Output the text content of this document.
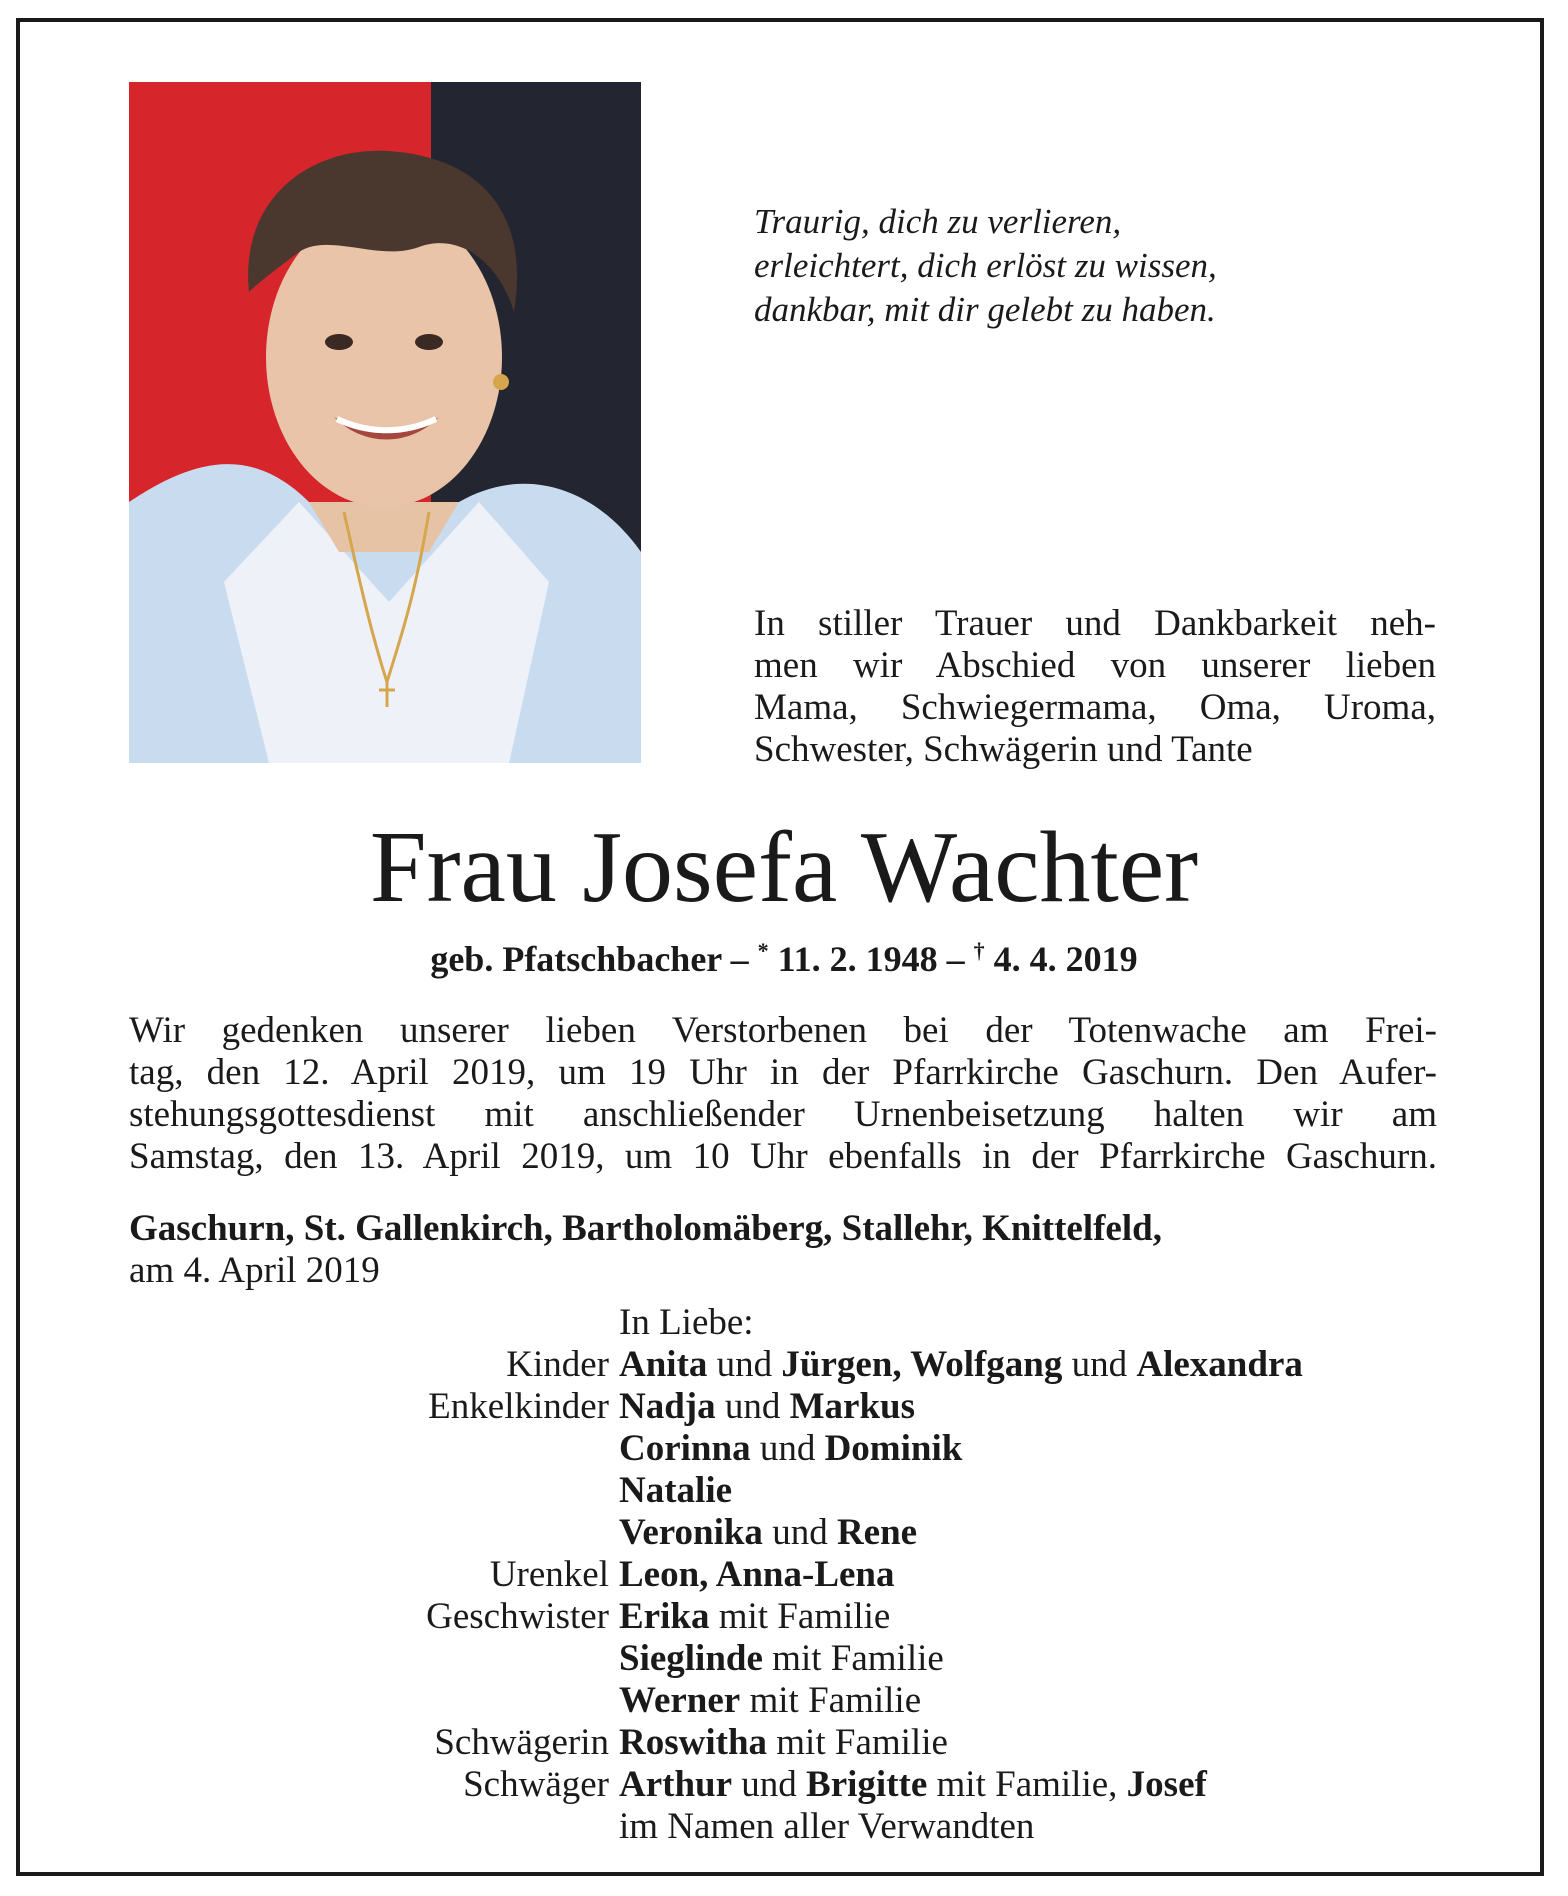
Traurig, dich zu verlieren,
erleichtert, dich erlöst zu wissen,
dankbar, mit dir gelebt zu haben.
In stiller Trauer und Dankbarkeit neh-
men wir Abschied von unserer lieben
Mama, Schwiegermama, Oma, Uroma,
Schwester, Schwägerin und Tante
Frau Josefa Wachter
geb. Pfatschbacher – * 11. 2. 1948 – † 4. 4. 2019
Wir gedenken unserer lieben Verstorbenen bei der Totenwache am Frei-
tag, den 12. April 2019, um 19 Uhr in der Pfarrkirche Gaschurn. Den Aufer-
stehungsgottesdienst mit anschließender Urnenbeisetzung halten wir am
Samstag, den 13. April 2019, um 10 Uhr ebenfalls in der Pfarrkirche Gaschurn.
Gaschurn, St. Gallenkirch, Bartholomäberg, Stallehr, Knittelfeld,
am 4. April 2019
In Liebe:
Kinder Anita und Jürgen, Wolfgang und Alexandra
Enkelkinder Nadja und Markus
Corinna und Dominik
Natalie
Veronika und Rene
Urenkel Leon, Anna-Lena
Geschwister Erika mit Familie
Sieglinde mit Familie
Werner mit Familie
Schwägerin Roswitha mit Familie
Schwäger Arthur und Brigitte mit Familie, Josef
im Namen aller Verwandten
